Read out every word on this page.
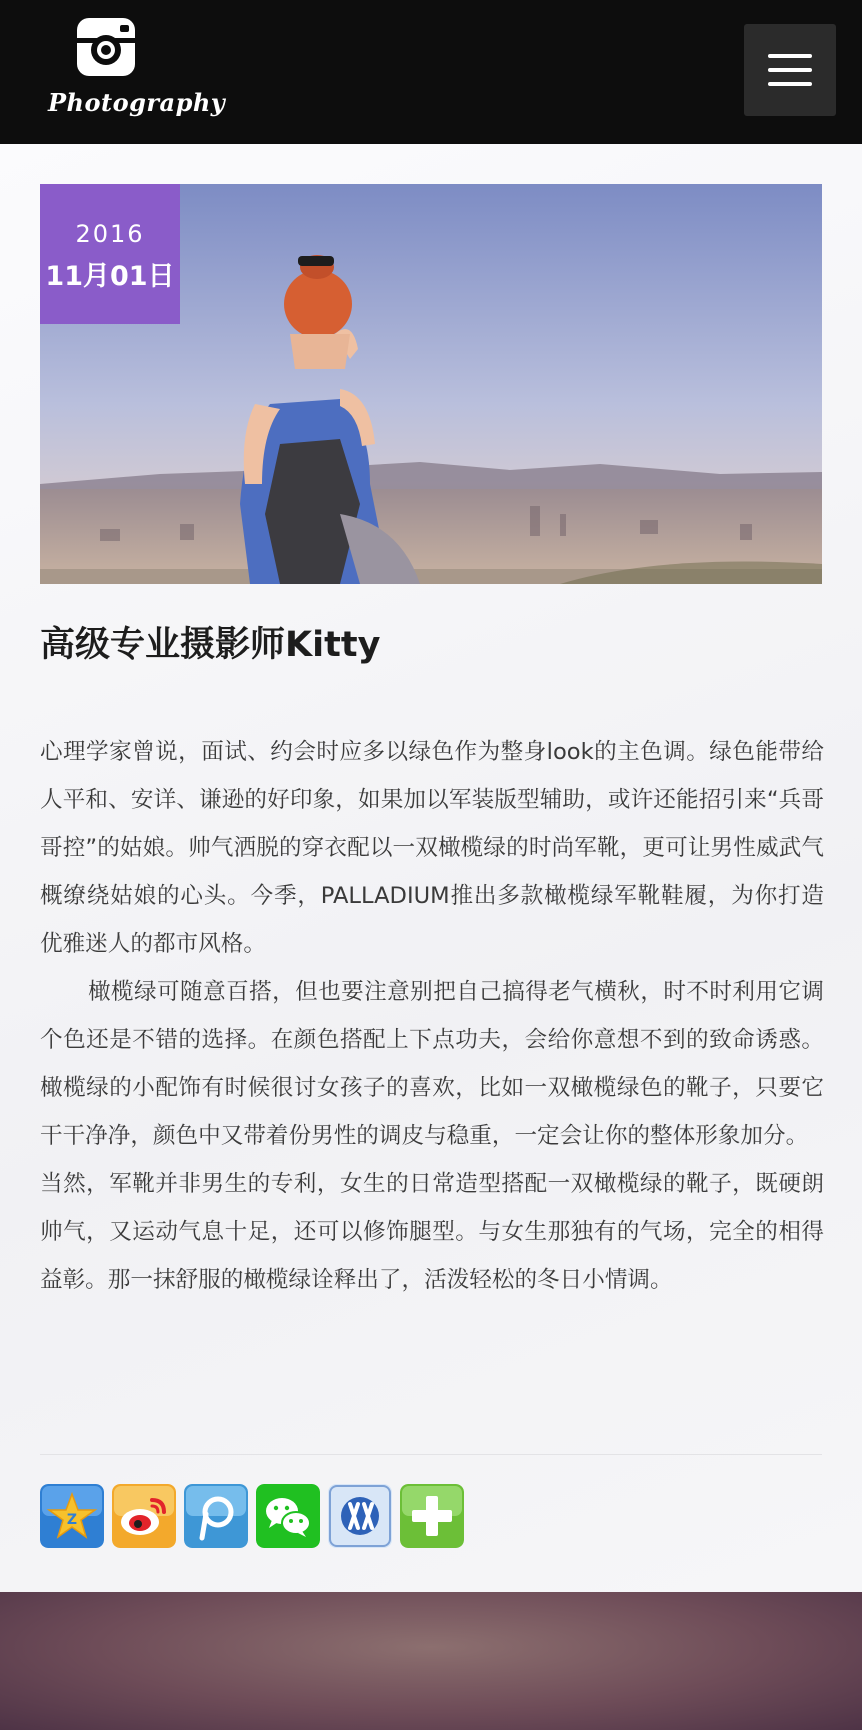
Photography
2016
11月01日
高级专业摄影师Kitty

心理学家曾说，面试、约会时应多以绿色作为整身look的主色调。绿色能带给人平和、安详、谦逊的好印象，如果加以军装版型辅助，或许还能招引来“兵哥哥控”的姑娘。帅气洒脱的穿衣配以一双橄榄绿的时尚军靴，更可让男性威武气概缭绕姑娘的心头。今季，PALLADIUM推出多款橄榄绿军靴鞋履，为你打造优雅迷人的都市风格。

橄榄绿可随意百搭，但也要注意别把自己搞得老气横秋，时不时利用它调个色还是不错的选择。在颜色搭配上下点功夫，会给你意想不到的致命诱惑。橄榄绿的小配饰有时候很讨女孩子的喜欢，比如一双橄榄绿色的靴子，只要它干干净净，颜色中又带着份男性的调皮与稳重，一定会让你的整体形象加分。

当然，军靴并非男生的专利，女生的日常造型搭配一双橄榄绿的靴子，既硬朗帅气，又运动气息十足，还可以修饰腿型。与女生那独有的气场，完全的相得益彰。那一抹舒服的橄榄绿诠释出了，活泼轻松的冬日小情调。

Z
